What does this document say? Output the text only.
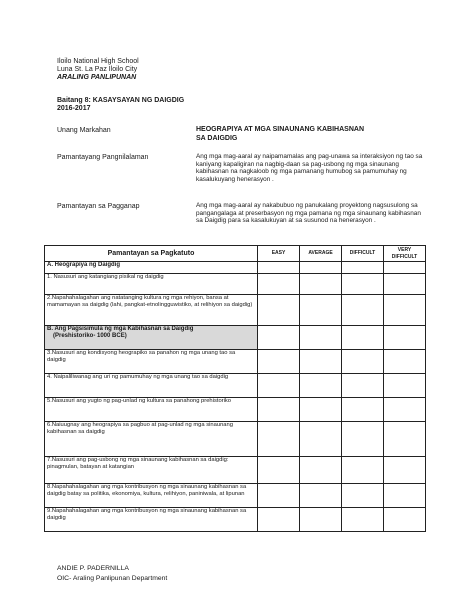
Iloilo National High School
Luna St. La Paz Iloilo City
ARALING PANLIPUNAN
Baitang 8: KASAYSAYAN NG DAIGDIG
2016-2017
Unang Markahan	HEOGRAPIYA AT MGA SINAUNANG KABIHASNAN
SA DAIGDIG
Pamantayang Pangnilalaman	Ang mga mag-aaral ay naipamamalas ang pag-unawa sa interaksiyon ng tao sa kaniyang kapaligiran na nagbig-daan sa pag-usbong ng mga sinaunang kabihasnan na nagkaloob ng mga pamanang humubog sa pamumuhay ng kasalukuyang henerasyon .
Pamantayan sa Pagganap	Ang mga mag-aaral ay nakabubuo ng panukalang proyektong nagsusulong sa pangangalaga at preserbasyon ng mga pamana ng mga sinaunang kabihasnan sa Daigdig para sa kasalukuyan at sa susunod na henerasyon .
Pamantayan sa Pagkatuto	EASY	AVERAGE	DIFFICULT	VERY DIFFICULT
A. Heograpiya ng Daigdig				
1. Nasusuri ang katangiang pisikal ng daigdig				
2.Napahahalagahan ang natatanging kultura ng mga rehiyon, bansa at mamamayan sa daigdig (lahi, pangkat-etnolingguwistiko, at relihiyon sa daigdig)				

B. Ang Pagsisimula ng mga Kabihasnan sa Daigdig
(Preshistoriko- 1000 BCE)				

3.Nasusuri ang kondisyong heograpiko sa panahon ng mga unang tao sa daigdig				
4. Naipaliliwanag ang uri ng pamumuhay ng mga unang tao sa daigdig				
5.Nasusuri ang yugto ng pag-unlad ng kultura sa panahong prehistoriko				
6.Naiuugnay ang heograpiya sa pagbuo at pag-unlad ng mga sinaunang kabihasnan sa daigdig				
7.Nasusuri ang pag-usbong ng mga sinaunang kabihasnan sa daigdig: pinagmulan, batayan at katangian				
8.Napahahalagahan ang mga kontribusyon ng mga sinaunang kabihasnan sa daigdig batay sa politika, ekonomiya, kultura, relihiyon, paniniwala, at lipunan				
9.Napahahalagahan ang mga kontribusyon ng mga sinaunang kabihasnan sa daigdig				
ANDIE P. PADERNILLA
OIC- Araling Panlipunan Department
